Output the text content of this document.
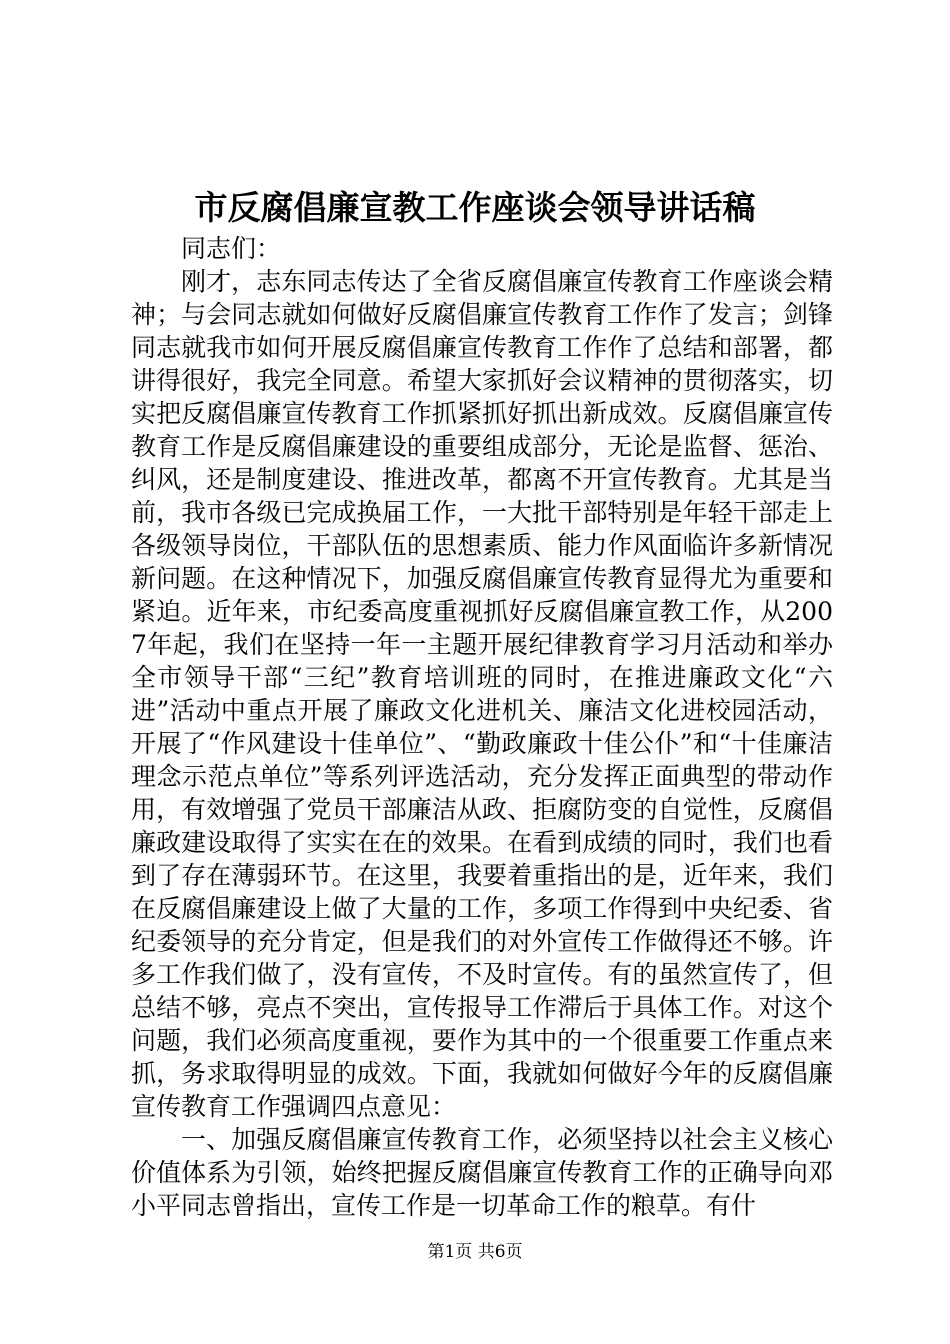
市反腐倡廉宣教工作座谈会领导讲话稿

同志们：

刚才，志东同志传达了全省反腐倡廉宣传教育工作座谈会精神；与会同志就如何做好反腐倡廉宣传教育工作作了发言；剑锋同志就我市如何开展反腐倡廉宣传教育工作作了总结和部署，都讲得很好，我完全同意。希望大家抓好会议精神的贯彻落实，切实把反腐倡廉宣传教育工作抓紧抓好抓出新成效。反腐倡廉宣传教育工作是反腐倡廉建设的重要组成部分，无论是监督、惩治、纠风，还是制度建设、推进改革，都离不开宣传教育。尤其是当前，我市各级已完成换届工作，一大批干部特别是年轻干部走上各级领导岗位，干部队伍的思想素质、能力作风面临许多新情况新问题。在这种情况下，加强反腐倡廉宣传教育显得尤为重要和紧迫。近年来，市纪委高度重视抓好反腐倡廉宣教工作，从2007年起，我们在坚持一年一主题开展纪律教育学习月活动和举办全市领导干部“三纪”教育培训班的同时，在推进廉政文化“六进”活动中重点开展了廉政文化进机关、廉洁文化进校园活动，开展了“作风建设十佳单位”、“勤政廉政十佳公仆”和“十佳廉洁理念示范点单位”等系列评选活动，充分发挥正面典型的带动作用，有效增强了党员干部廉洁从政、拒腐防变的自觉性，反腐倡廉政建设取得了实实在在的效果。在看到成绩的同时，我们也看到了存在薄弱环节。在这里，我要着重指出的是，近年来，我们在反腐倡廉建设上做了大量的工作，多项工作得到中央纪委、省纪委领导的充分肯定，但是我们的对外宣传工作做得还不够。许多工作我们做了，没有宣传，不及时宣传。有的虽然宣传了，但总结不够，亮点不突出，宣传报导工作滞后于具体工作。对这个问题，我们必须高度重视，要作为其中的一个很重要工作重点来抓，务求取得明显的成效。下面，我就如何做好今年的反腐倡廉宣传教育工作强调四点意见：

一、加强反腐倡廉宣传教育工作，必须坚持以社会主义核心价值体系为引领，始终把握反腐倡廉宣传教育工作的正确导向邓小平同志曾指出，宣传工作是一切革命工作的粮草。有什

第1页 共6页
